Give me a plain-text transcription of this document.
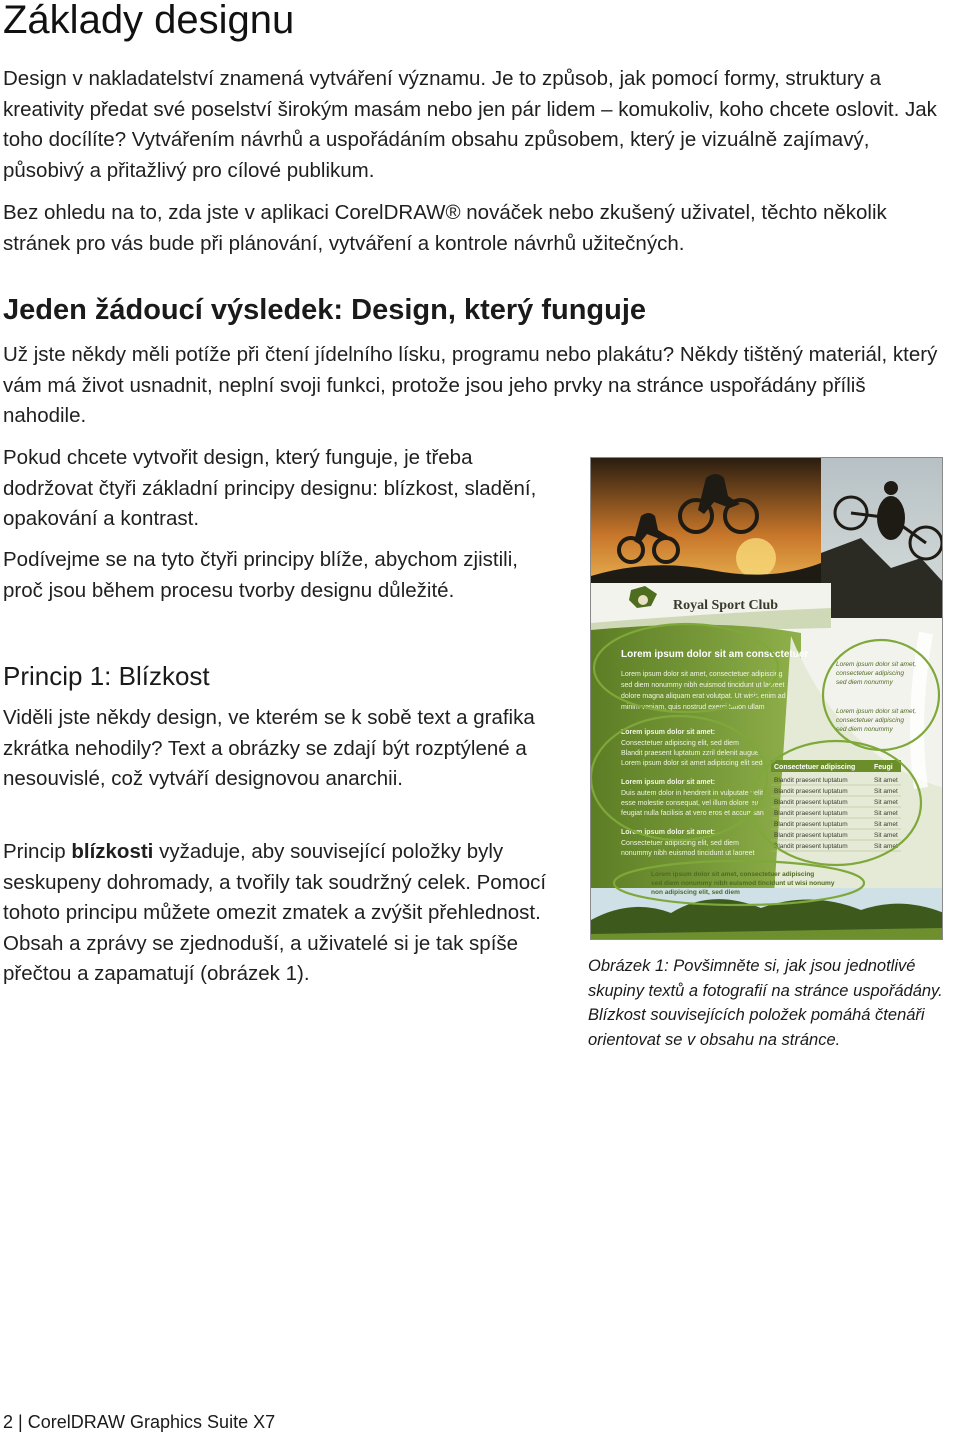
Základy designu

Design v nakladatelství znamená vytváření významu. Je to způsob, jak pomocí formy, struktury a kreativity předat své poselství širokým masám nebo jen pár lidem – komukoliv, koho chcete oslovit. Jak toho docílíte? Vytvářením návrhů a uspořádáním obsahu způsobem, který je vizuálně zajímavý, působivý a přitažlivý pro cílové publikum.

Bez ohledu na to, zda jste v aplikaci CorelDRAW® nováček nebo zkušený uživatel, těchto několik stránek pro vás bude při plánování, vytváření a kontrole návrhů užitečných.

Jeden žádoucí výsledek: Design, který funguje

Už jste někdy měli potíže při čtení jídelního lísku, programu nebo plakátu? Někdy tištěný materiál, který vám má život usnadnit, neplní svoji funkci, protože jsou jeho prvky na stránce uspořádány příliš nahodile.

Pokud chcete vytvořit design, který funguje, je třeba dodržovat čtyři základní principy designu: blízkost, sladění, opakování a kontrast.

Podívejme se na tyto čtyři principy blíže, abychom zjistili, proč jsou během procesu tvorby designu důležité.

Princip 1: Blízkost

Viděli jste někdy design, ve kterém se k sobě text a grafika zkrátka nehodily? Text a obrázky se zdají být rozptýlené a nesouvislé, což vytváří designovou anarchii.

Princip blízkosti vyžaduje, aby související položky byly seskupeny dohromady, a tvořily tak soudržný celek. Pomocí tohoto principu můžete omezit zmatek a zvýšit přehlednost. Obsah a zprávy se zjednoduší, a uživatelé si je tak spíše přečtou a zapamatují (obrázek 1).

Royal Sport Club
Lorem ipsum dolor sit am consectetuer
Lorem ipsum dolor sit amet, consectetuer adipiscing
sed diem nonummy nibh euismod tincidunt ut lacreet
dolore magna aliquam erat volutpat. Ut wisis enim ad
minim veniam, quis nostrud exerci tation ullam
Lorem ipsum dolor sit amet:
Consectetuer adipiscing elit, sed diem
Blandit praesent luptatum zzril delenit augue
Lorem ipsum dolor sit amet adipiscing elit sed
Lorem ipsum dolor sit amet:
Duis autem dolor in hendrerit in vulputate velit
esse molestie consequat, vel illum dolore eu
feugiat nulla facilisis at vero eros et accumsan
Lorem ipsum dolor sit amet:
Consectetuer adipiscing elit, sed diem
nonummy nibh euismod tincidunt ut laoreet
Lorem ipsum dolor sit amet,
consectetuer adipiscing
sed diem nonummy
Lorem ipsum dolor sit amet,
consectetuer adipiscing
sed diem nonummy
Consectetuer adipiscing	Feugi
Blandit praesent luptatum	Sit amet
Blandit praesent luptatum	Sit amet
Blandit praesent luptatum	Sit amet
Blandit praesent luptatum	Sit amet
Blandit praesent luptatum	Sit amet
Blandit praesent luptatum	Sit amet
Blandit praesent luptatum	Sit amet
Lorem ipsum dolor sit amet, consectetuer adipiscing
sed diem nonummy nibh euismod tincidunt ut wisi nonumy
non adipiscing elit, sed diem

Obrázek 1: Povšimněte si, jak jsou jednotlivé skupiny textů a fotografií na stránce uspořádány. Blízkost souvisejících položek pomáhá čtenáři orientovat se v obsahu na stránce.

2 | CorelDRAW Graphics Suite X7
